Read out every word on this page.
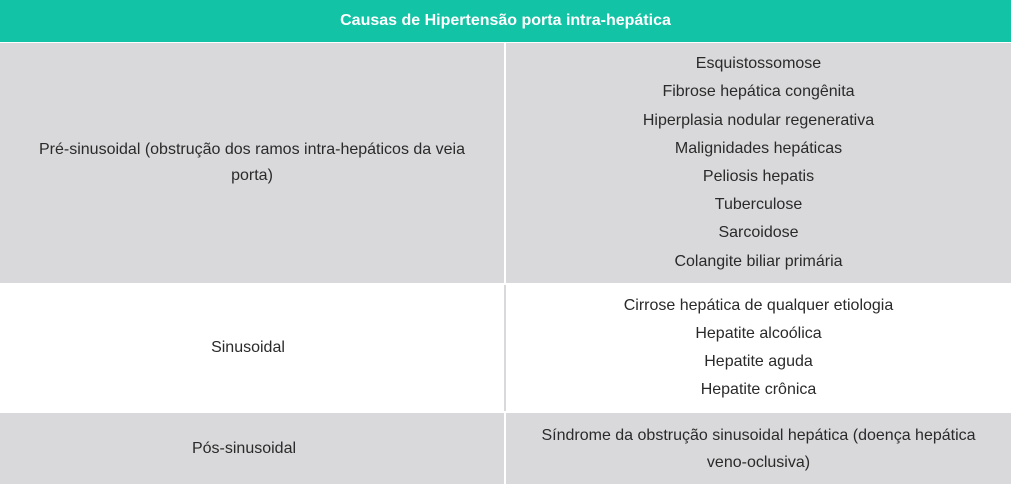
Causas de Hipertensão porta intra-hepática
Pré-sinusoidal (obstrução dos ramos intra-hepáticos da veia porta)
Esquistossomose
Fibrose hepática congênita
Hiperplasia nodular regenerativa
Malignidades hepáticas
Peliosis hepatis
Tuberculose
Sarcoidose
Colangite biliar primária
Sinusoidal
Cirrose hepática de qualquer etiologia
Hepatite alcoólica
Hepatite aguda
Hepatite crônica
Pós-sinusoidal
Síndrome da obstrução sinusoidal hepática (doença hepática veno-oclusiva)
